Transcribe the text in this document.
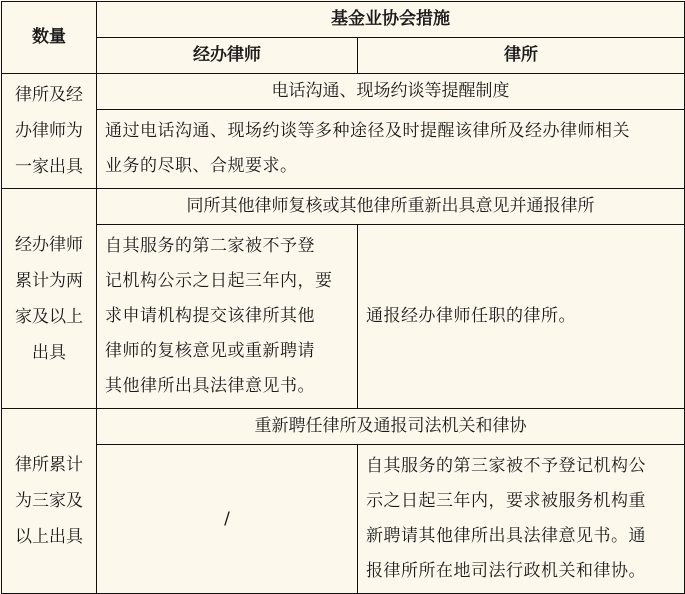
数量	基金业协会措施	
	经办律师	律所

律所及经
办律师为
一家出具	电话沟通、现场约谈等提醒制度	

	通过电话沟通、现场约谈等多种途径及时提醒该律所及经办律师相关
业务的尽职、合规要求。	

经办律师
累计为两
家及以上
出具	同所其他律师复核或其他律所重新出具意见并通报律所	

	自其服务的第二家被不予登
记机构公示之日起三年内，要
求申请机构提交该律所其他
律师的复核意见或重新聘请
其他律所出具法律意见书。	通报经办律师任职的律所。

律所累计
为三家及
以上出具	重新聘任律所及通报司法机关和律协	
	/	自其服务的第三家被不予登记机构公
示之日起三年内，要求被服务机构重
新聘请其他律所出具法律意见书。通
报律所所在地司法行政机关和律协。
